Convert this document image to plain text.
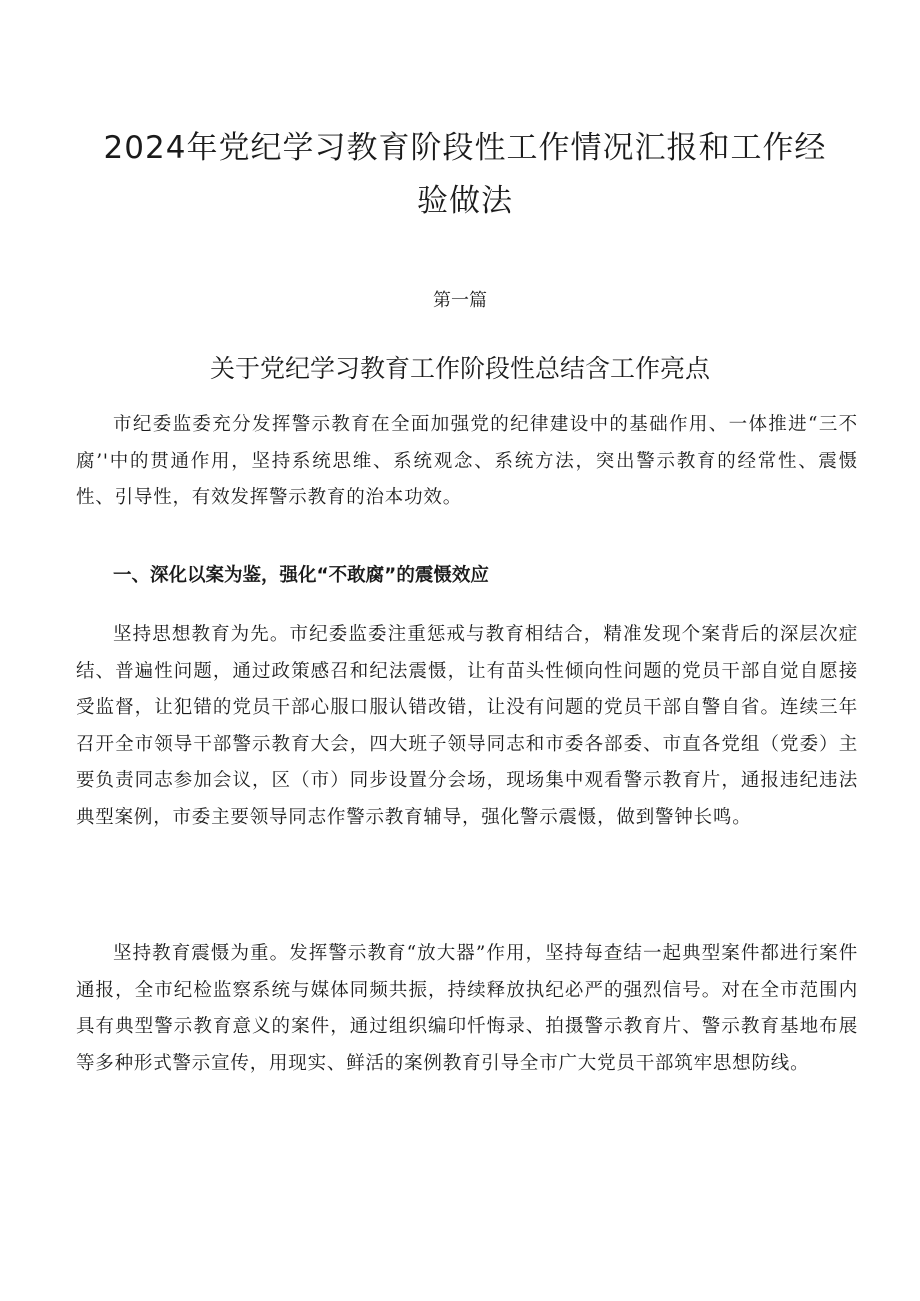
2024年党纪学习教育阶段性工作情况汇报和工作经验做法
第一篇
关于党纪学习教育工作阶段性总结含工作亮点

市纪委监委充分发挥警示教育在全面加强党的纪律建设中的基础作用、一体推进“三不腐’'中的贯通作用，坚持系统思维、系统观念、系统方法，突出警示教育的经常性、震慑性、引导性，有效发挥警示教育的治本功效。

一、深化以案为鉴，强化“不敢腐”的震慑效应

坚持思想教育为先。市纪委监委注重惩戒与教育相结合，精准发现个案背后的深层次症结、普遍性问题，通过政策感召和纪法震慑，让有苗头性倾向性问题的党员干部自觉自愿接受监督，让犯错的党员干部心服口服认错改错，让没有问题的党员干部自警自省。连续三年召开全市领导干部警示教育大会，四大班子领导同志和市委各部委、市直各党组（党委）主要负责同志参加会议，区（市）同步设置分会场，现场集中观看警示教育片，通报违纪违法典型案例，市委主要领导同志作警示教育辅导，强化警示震慑，做到警钟长鸣。

坚持教育震慑为重。发挥警示教育“放大器”作用，坚持每查结一起典型案件都进行案件通报，全市纪检监察系统与媒体同频共振，持续释放执纪必严的强烈信号。对在全市范围内具有典型警示教育意义的案件，通过组织编印忏悔录、拍摄警示教育片、警示教育基地布展等多种形式警示宣传，用现实、鲜活的案例教育引导全市广大党员干部筑牢思想防线。
